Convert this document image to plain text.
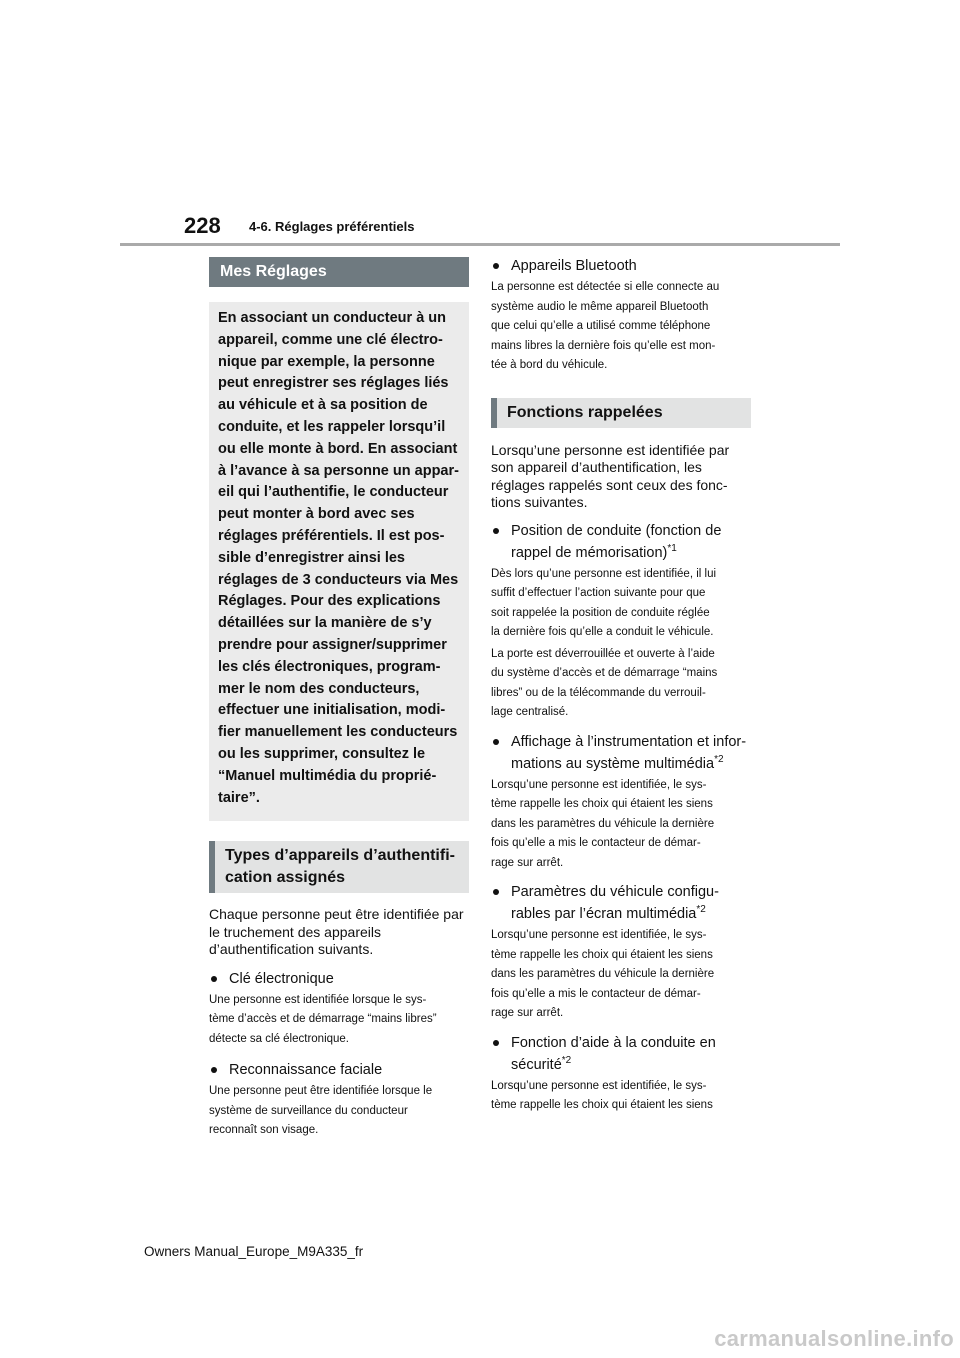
228 4-6. Réglages préférentiels
Mes Réglages
En associant un conducteur à un
appareil, comme une clé électro-
nique par exemple, la personne
peut enregistrer ses réglages liés
au véhicule et à sa position de
conduite, et les rappeler lorsqu’il
ou elle monte à bord. En associant
à l’avance à sa personne un appar-
eil qui l’authentifie, le conducteur
peut monter à bord avec ses
réglages préférentiels. Il est pos-
sible d’enregistrer ainsi les
réglages de 3 conducteurs via Mes
Réglages. Pour des explications
détaillées sur la manière de s’y
prendre pour assigner/supprimer
les clés électroniques, program-
mer le nom des conducteurs,
effectuer une initialisation, modi-
fier manuellement les conducteurs
ou les supprimer, consultez le
“Manuel multimédia du proprié-
taire”.
Types d’appareils d’authentifi-
cation assignés
Chaque personne peut être identifiée par le truchement des appareils d’authentification suivants.
Clé électronique
Une personne est identifiée lorsque le sys-
tème d’accès et de démarrage “mains libres”
détecte sa clé électronique.
Reconnaissance faciale
Une personne peut être identifiée lorsque le
système de surveillance du conducteur
reconnaît son visage.
Appareils Bluetooth
La personne est détectée si elle connecte au
système audio le même appareil Bluetooth
que celui qu’elle a utilisé comme téléphone
mains libres la dernière fois qu’elle est mon-
tée à bord du véhicule.
Fonctions rappelées
Lorsqu’une personne est identifiée par son appareil d’authentification, les réglages rappelés sont ceux des fonc-tions suivantes.
Position de conduite (fonction de
rappel de mémorisation)$^{*1}$
Dès lors qu’une personne est identifiée, il lui
suffit d’effectuer l’action suivante pour que
soit rappelée la position de conduite réglée
la dernière fois qu’elle a conduit le véhicule.
La porte est déverrouillée et ouverte à l’aide
du système d’accès et de démarrage “mains
libres” ou de la télécommande du verrouil-
lage centralisé.
Affichage à l’instrumentation et infor-
mations au système multimédia$^{*2}$
Lorsqu’une personne est identifiée, le sys-
tème rappelle les choix qui étaient les siens
dans les paramètres du véhicule la dernière
fois qu’elle a mis le contacteur de démar-
rage sur arrêt.
Paramètres du véhicule configu-
rables par l’écran multimédia$^{*2}$
Lorsqu’une personne est identifiée, le sys-
tème rappelle les choix qui étaient les siens
dans les paramètres du véhicule la dernière
fois qu’elle a mis le contacteur de démar-
rage sur arrêt.
Fonction d’aide à la conduite en
sécurité$^{*2}$
Lorsqu’une personne est identifiée, le sys-
tème rappelle les choix qui étaient les siens
Owners Manual_Europe_M9A335_fr
carmanualsonline.info
